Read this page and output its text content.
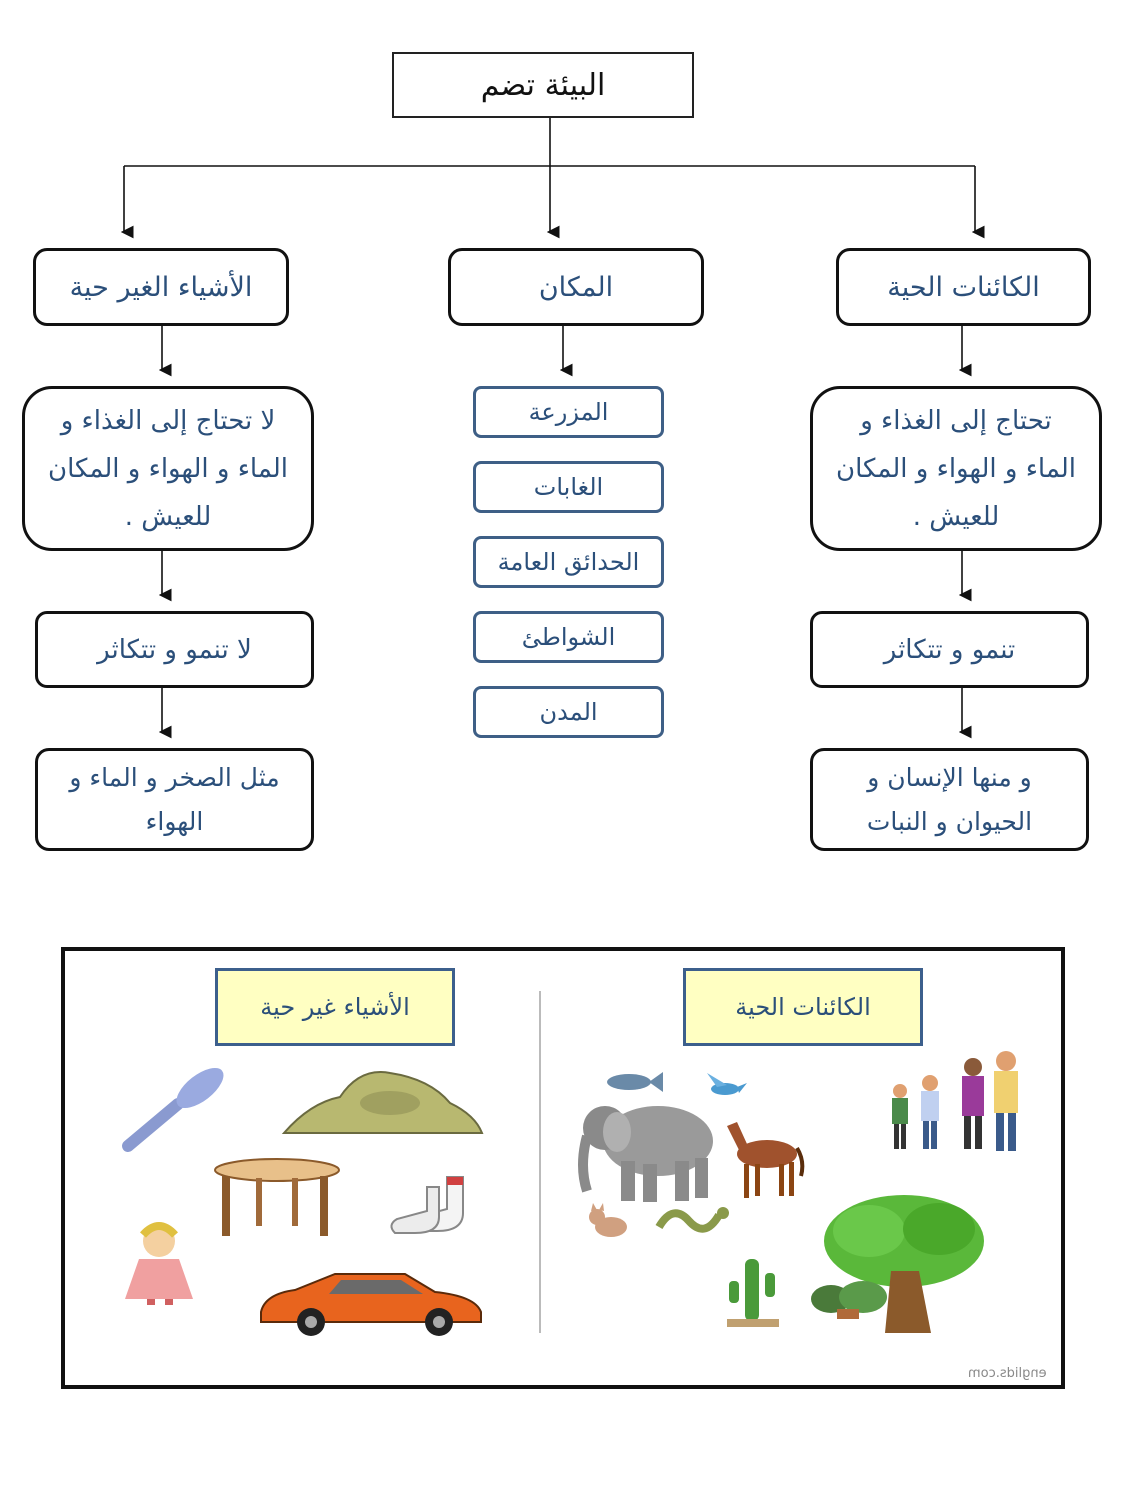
البيئة تضم
الكائنات الحية
المكان
الأشياء الغير حية
تحتاج إلى الغذاء و
الماء و الهواء و المكان
للعيش .
لا تحتاج إلى الغذاء و
الماء و الهواء و المكان
للعيش .
تنمو و تتكاثر
لا تنمو و تتكاثر
و منها الإنسان و
الحيوان و النبات
مثل الصخر و الماء و
الهواء
المزرعة
الغابات
الحدائق العامة
الشواطئ
المدن
الكائنات الحية
الأشياء غير حية
englids.com
